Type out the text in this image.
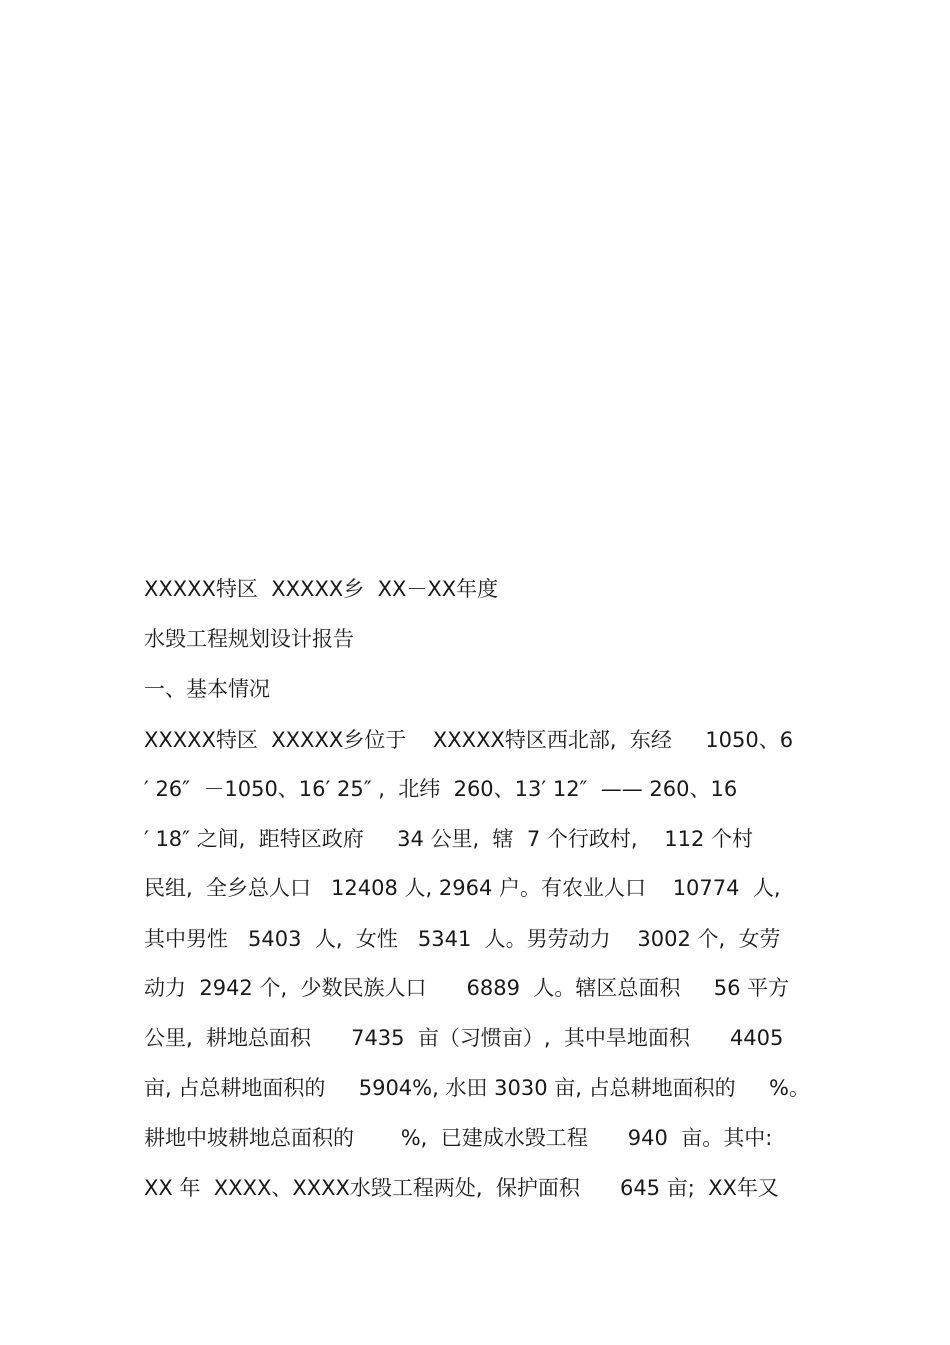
XXXXX特区  XXXXX乡  XX－XX年度
水毁工程规划设计报告
一、基本情况
XXXXX特区  XXXXX乡位于    XXXXX特区西北部,  东经     1050、6
′ 26″  －1050、16′ 25″ ,  北纬  260、13′ 12″  —— 260、16
′ 18″ 之间,  距特区政府     34 公里,  辖  7 个行政村,    112 个村
民组,  全乡总人口   12408 人, 2964 户。有农业人口    10774  人,
其中男性   5403  人,  女性   5341  人。男劳动力    3002 个,  女劳
动力  2942 个,  少数民族人口      6889  人。辖区总面积     56 平方
公里,  耕地总面积      7435  亩（习惯亩）,  其中旱地面积      4405
亩, 占总耕地面积的     5904%, 水田 3030 亩, 占总耕地面积的     %。
耕地中坡耕地总面积的       %,  已建成水毁工程      940  亩。其中:
XX 年  XXXX、XXXX水毁工程两处,  保护面积      645 亩;  XX年又
